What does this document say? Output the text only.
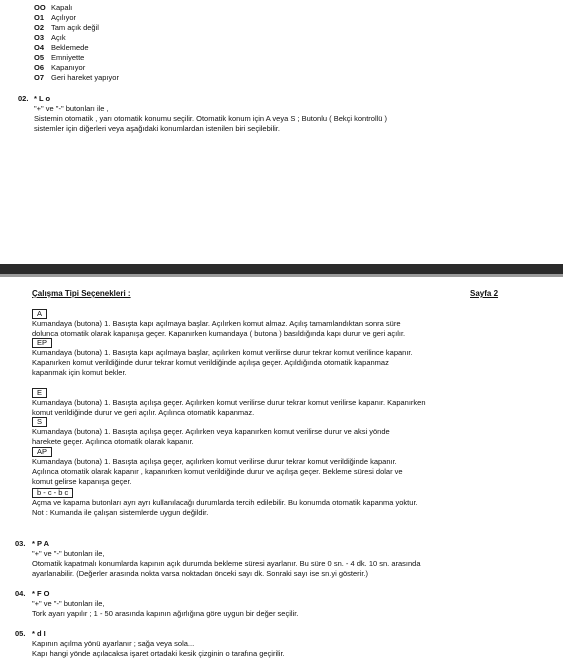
OO Kapalı
O1 Açılıyor
O2 Tam açık değil
O3 Açık
O4 Beklemede
O5 Emniyette
O6 Kapanıyor
O7 Geri hareket yapıyor
02. * L o
"+" ve "-" butonları ile ,
Sistemin otomatik , yarı otomatik konumu seçilir. Otomatik konum için A veya S ; Butonlu ( Bekçi kontrollü )
sistemler için diğerleri veya aşağıdaki konumlardan istenilen biri seçilebilir.
Çalışma Tipi Seçenekleri :	Sayfa 2
A
Kumandaya (butona) 1. Basışta kapı açılmaya başlar. Açılırken komut almaz. Açılış tamamlandıktan sonra süre
dolunca otomatik olarak kapanışa geçer. Kapanırken kumandaya ( butona ) basıldığında kapı durur ve geri açılır.
EP
Kumandaya (butona) 1. Basışta kapı açılmaya başlar, açılırken komut verilirse durur tekrar komut verilince kapanır.
Kapanırken komut verildiğinde durur tekrar komut verildiğinde açılışa geçer. Açıldığında otomatik kapanmaz
kapanmak için komut bekler.
E
Kumandaya (butona) 1. Basışta açılışa geçer. Açılırken komut verilirse durur tekrar komut verilirse kapanır. Kapanırken
komut verildiğinde durur ve geri açılır. Açılınca otomatik kapanmaz.
S
Kumandaya (butona) 1. Basışta açılışa geçer. Açılırken veya kapanırken komut verilirse durur ve aksi yönde
harekete geçer. Açılınca otomatik olarak kapanır.
AP
Kumandaya (butona) 1. Basışta açılışa geçer, açılırken komut verilirse durur tekrar komut verildiğinde kapanır.
Açılınca otomatik olarak kapanır , kapanırken komut verildiğinde durur ve açılışa geçer. Bekleme süresi dolar ve
komut gelirse kapanışa geçer.
b - c - b c
Açma ve kapama butonları ayrı ayrı kullanılacağı durumlarda tercih edilebilir. Bu konumda otomatik kapanma yoktur.
Not : Kumanda ile çalışan sistemlerde uygun değildir.
03. * P A
"+" ve "-" butonları ile,
Otomatik kapatmalı konumlarda kapının açık durumda bekleme süresi ayarlanır. Bu süre 0 sn. - 4 dk. 10 sn. arasında
ayarlanabilir. (Değerler arasında nokta varsa noktadan önceki sayı dk. Sonraki sayı ise sn.yi gösterir.)
04. * F O
"+" ve "-" butonları ile,
Tork ayarı yapılır ; 1 - 50 arasında kapının ağırlığına göre uygun bir değer seçilir.
05. * d I
Kapının açılma yönü ayarlanır ; sağa veya sola...
Kapı hangi yönde açılacaksa işaret ortadaki kesik çizginin o tarafına geçirilir.
